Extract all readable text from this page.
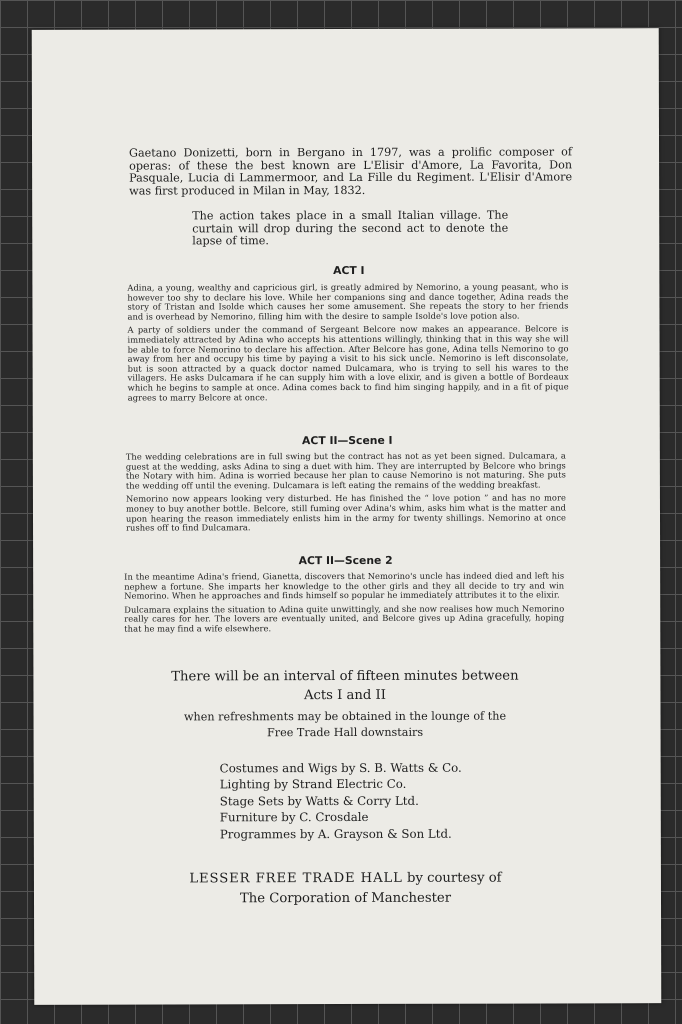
Gaetano Donizetti, born in Bergano in 1797, was a prolific composer of operas: of these the best known are L'Elisir d'Amore, La Favorita, Don Pasquale, Lucia di Lammermoor, and La Fille du Regiment. L'Elisir d'Amore was first produced in Milan in May, 1832.

The action takes place in a small Italian village. The curtain will drop during the second act to denote the lapse of time.

ACT I

Adina, a young, wealthy and capricious girl, is greatly admired by Nemorino, a young peasant, who is however too shy to declare his love. While her companions sing and dance together, Adina reads the story of Tristan and Isolde which causes her some amusement. She repeats the story to her friends and is overhead by Nemorino, filling him with the desire to sample Isolde's love potion also.

A party of soldiers under the command of Sergeant Belcore now makes an appearance. Belcore is immediately attracted by Adina who accepts his attentions willingly, thinking that in this way she will be able to force Nemorino to declare his affection. After Belcore has gone, Adina tells Nemorino to go away from her and occupy his time by paying a visit to his sick uncle. Nemorino is left disconsolate, but is soon attracted by a quack doctor named Dulcamara, who is trying to sell his wares to the villagers. He asks Dulcamara if he can supply him with a love elixir, and is given a bottle of Bordeaux which he begins to sample at once. Adina comes back to find him singing happily, and in a fit of pique agrees to marry Belcore at once.

ACT II—Scene I

The wedding celebrations are in full swing but the contract has not as yet been signed. Dulcamara, a guest at the wedding, asks Adina to sing a duet with him. They are interrupted by Belcore who brings the Notary with him. Adina is worried because her plan to cause Nemorino is not maturing. She puts the wedding off until the evening. Dulcamara is left eating the remains of the wedding breakfast.

Nemorino now appears looking very disturbed. He has finished the “ love potion ” and has no more money to buy another bottle. Belcore, still fuming over Adina's whim, asks him what is the matter and upon hearing the reason immediately enlists him in the army for twenty shillings. Nemorino at once rushes off to find Dulcamara.

ACT II—Scene 2

In the meantime Adina's friend, Gianetta, discovers that Nemorino's uncle has indeed died and left his nephew a fortune. She imparts her knowledge to the other girls and they all decide to try and win Nemorino. When he approaches and finds himself so popular he immediately attributes it to the elixir.

Dulcamara explains the situation to Adina quite unwittingly, and she now realises how much Nemorino really cares for her. The lovers are eventually united, and Belcore gives up Adina gracefully, hoping that he may find a wife elsewhere.

There will be an interval of fifteen minutes between
Acts I and II
when refreshments may be obtained in the lounge of the
Free Trade Hall downstairs
Costumes and Wigs by S. B. Watts & Co.
Lighting by Strand Electric Co.
Stage Sets by Watts & Corry Ltd.
Furniture by C. Crosdale
Programmes by A. Grayson & Son Ltd.
LESSER FREE TRADE HALL by courtesy of
The Corporation of Manchester
